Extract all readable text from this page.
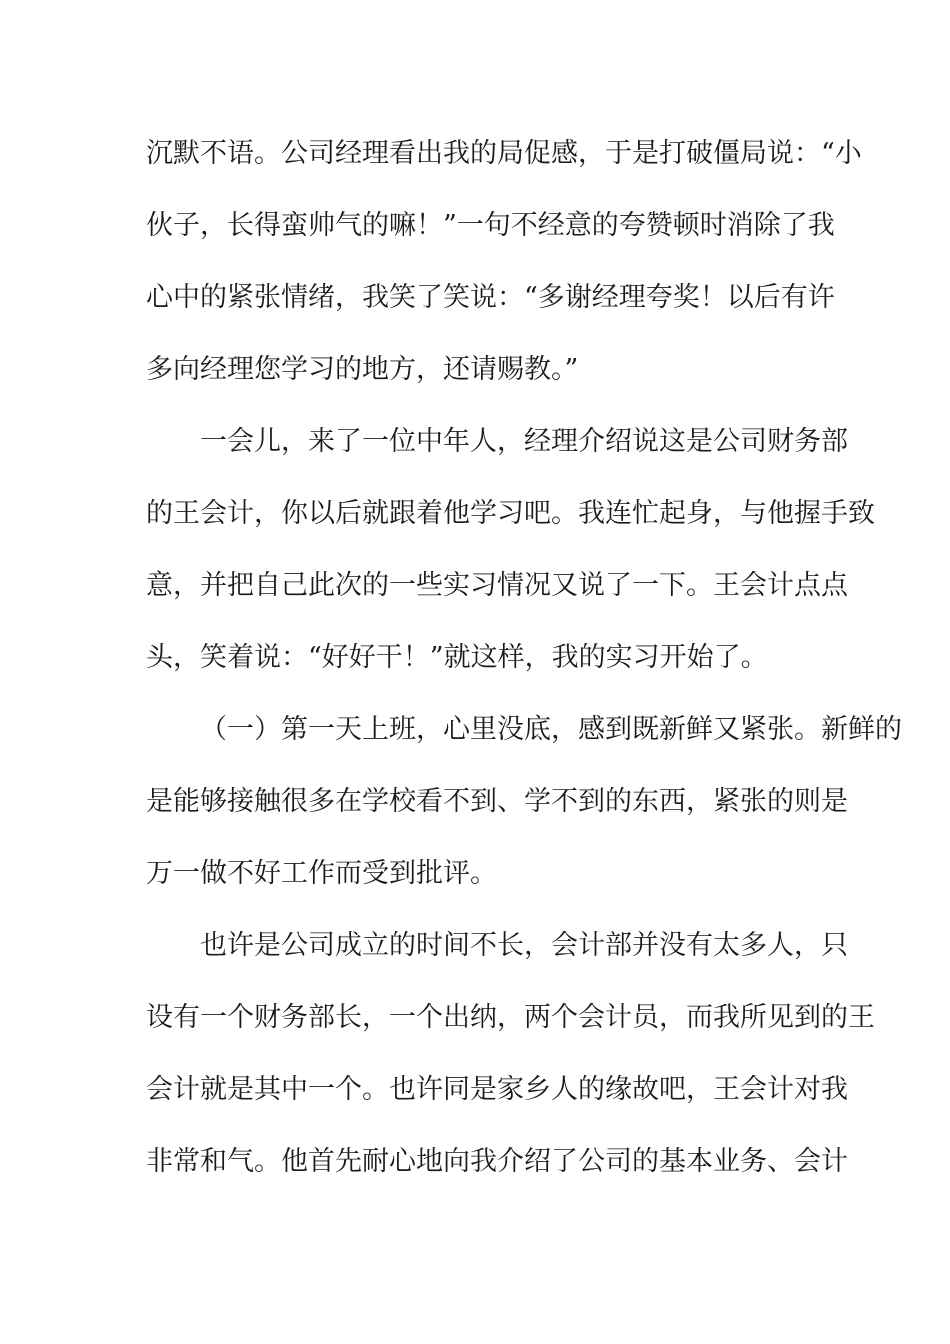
沉默不语。公司经理看出我的局促感，于是打破僵局说：“小
伙子，长得蛮帅气的嘛！”一句不经意的夸赞顿时消除了我
心中的紧张情绪，我笑了笑说：“多谢经理夸奖！以后有许
多向经理您学习的地方，还请赐教。”
一会儿，来了一位中年人，经理介绍说这是公司财务部
的王会计，你以后就跟着他学习吧。我连忙起身，与他握手致
意，并把自己此次的一些实习情况又说了一下。王会计点点
头，笑着说：“好好干！”就这样，我的实习开始了。
（一）第一天上班，心里没底，感到既新鲜又紧张。新鲜的
是能够接触很多在学校看不到、学不到的东西，紧张的则是
万一做不好工作而受到批评。
也许是公司成立的时间不长，会计部并没有太多人，只
设有一个财务部长，一个出纳，两个会计员，而我所见到的王
会计就是其中一个。也许同是家乡人的缘故吧，王会计对我
非常和气。他首先耐心地向我介绍了公司的基本业务、会计
